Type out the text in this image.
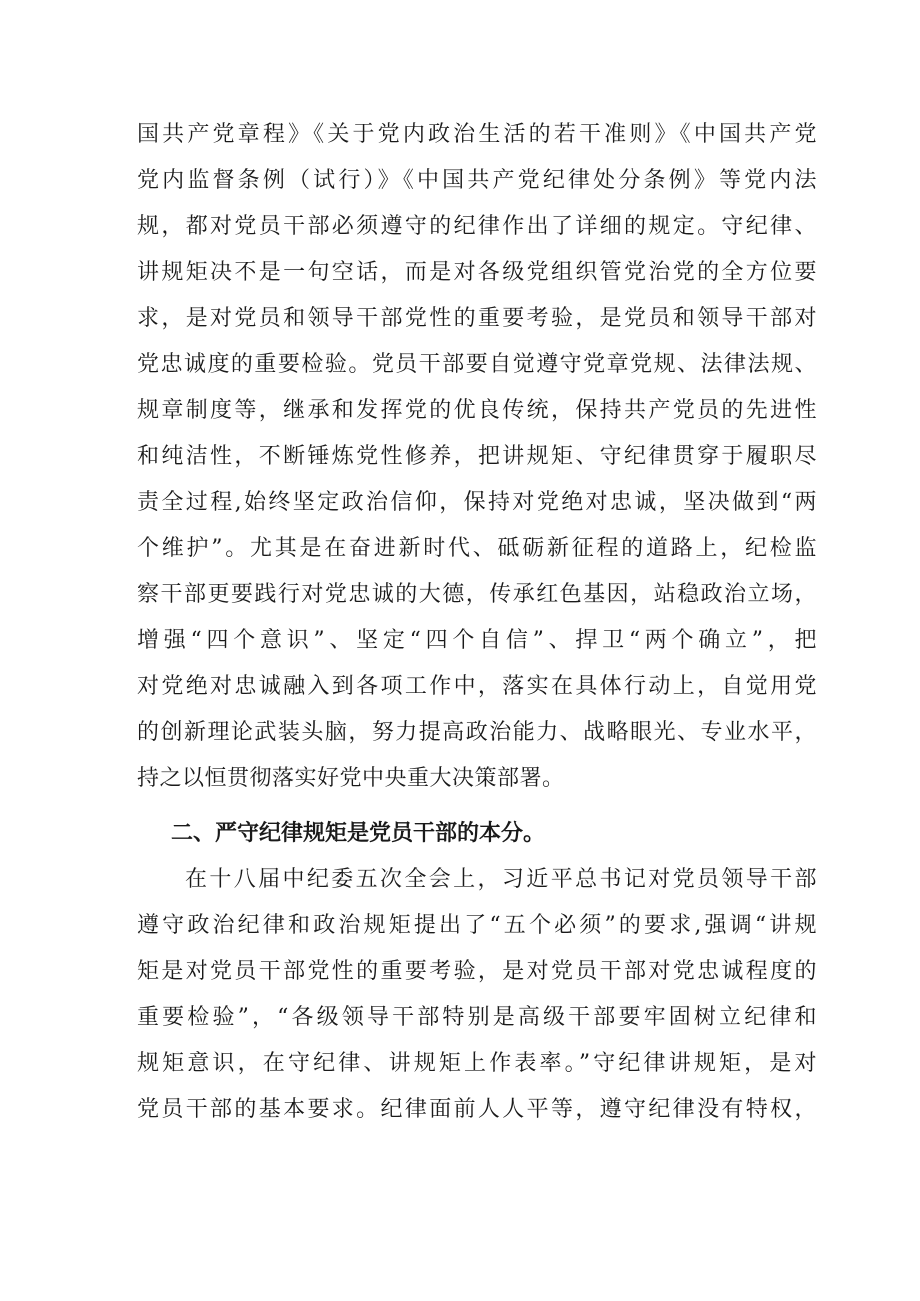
国共产党章程》《关于党内政治生活的若干准则》《中国共产党
党内监督条例（试行）》《中国共产党纪律处分条例》等党内法
规，都对党员干部必须遵守的纪律作出了详细的规定。守纪律、
讲规矩决不是一句空话，而是对各级党组织管党治党的全方位要
求，是对党员和领导干部党性的重要考验，是党员和领导干部对
党忠诚度的重要检验。党员干部要自觉遵守党章党规、法律法规、
规章制度等，继承和发挥党的优良传统，保持共产党员的先进性
和纯洁性，不断锤炼党性修养，把讲规矩、守纪律贯穿于履职尽
责全过程,始终坚定政治信仰，保持对党绝对忠诚，坚决做到“两
个维护”。尤其是在奋进新时代、砥砺新征程的道路上，纪检监
察干部更要践行对党忠诚的大德，传承红色基因，站稳政治立场，
增强“四个意识”、坚定“四个自信”、捍卫“两个确立”，把
对党绝对忠诚融入到各项工作中，落实在具体行动上，自觉用党
的创新理论武装头脑，努力提高政治能力、战略眼光、专业水平，
持之以恒贯彻落实好党中央重大决策部署。
二、严守纪律规矩是党员干部的本分。
在十八届中纪委五次全会上，习近平总书记对党员领导干部
遵守政治纪律和政治规矩提出了“五个必须”的要求,强调“讲规
矩是对党员干部党性的重要考验，是对党员干部对党忠诚程度的
重要检验”，“各级领导干部特别是高级干部要牢固树立纪律和
规矩意识，在守纪律、讲规矩上作表率。”守纪律讲规矩，是对
党员干部的基本要求。纪律面前人人平等，遵守纪律没有特权，
